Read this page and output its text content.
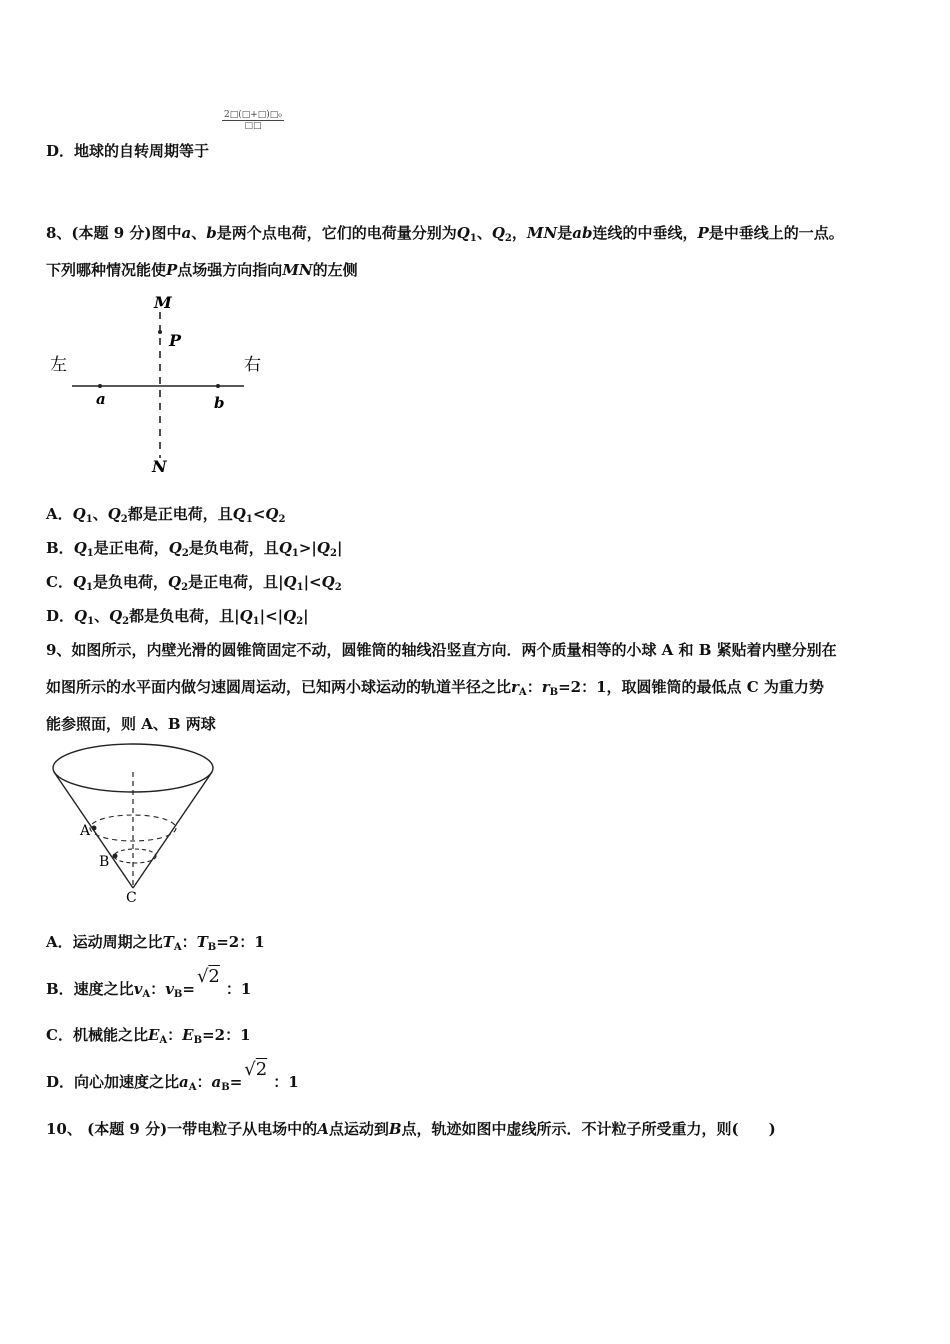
2□(□+□)□₀
□□
D．地球的自转周期等于
8、(本题 9 分)图中a、b是两个点电荷，它们的电荷量分别为$Q_1$、$Q_2$，MN是ab连线的中垂线，P是中垂线上的一点。
下列哪种情况能使P点场强方向指向MN的左侧
M
P
左	右
a	b
N
A．$Q_1$、$Q_2$都是正电荷，且$Q_1<Q_2$
B．$Q_1$是正电荷，$Q_2$是负电荷，且$Q_1>|Q_2|$
C．$Q_1$是负电荷，$Q_2$是正电荷，且$|Q_1|<Q_2$
D．$Q_1$、$Q_2$都是负电荷，且$|Q_1|<|Q_2|$
9、如图所示，内壁光滑的圆锥筒固定不动，圆锥筒的轴线沿竖直方向．两个质量相等的小球 A 和 B 紧贴着内壁分别在
如图所示的水平面内做匀速圆周运动，已知两小球运动的轨道半径之比$r_A$：$r_B=2$：1，取圆锥筒的最低点 C 为重力势
能参照面，则 A、B 两球
A
B
C
A．运动周期之比$T_A$：$T_B=2$：1
B．速度之比$v_A$：$v_B=√2$：1
C．机械能之比$E_A$：$E_B=2$：1
D．向心加速度之比$a_A$：$a_B=√2$：1
10、 (本题 9 分)一带电粒子从电场中的A点运动到B点，轨迹如图中虚线所示．不计粒子所受重力，则(　　)
